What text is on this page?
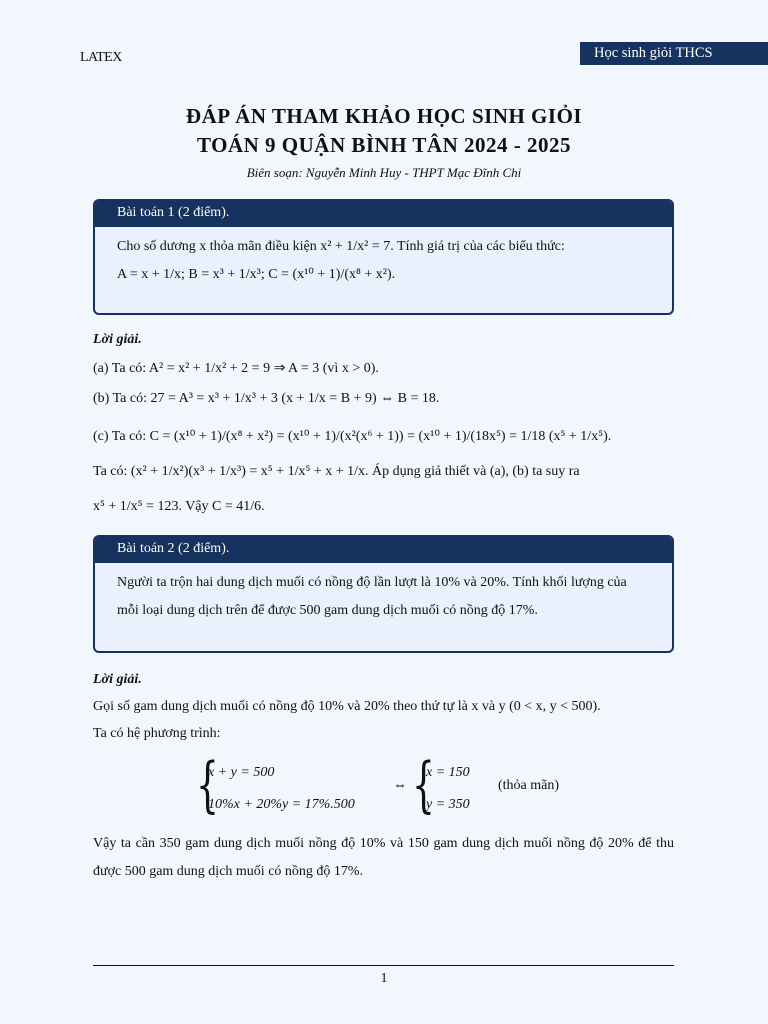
LATEX	Học sinh giỏi THCS
ĐÁP ÁN THAM KHẢO HỌC SINH GIỎI
TOÁN 9 QUẬN BÌNH TÂN 2024 - 2025
Biên soạn: Nguyễn Minh Huy - THPT Mạc Đĩnh Chi
Bài toán 1 (2 điểm).
Cho số dương x thỏa mãn điều kiện x² + 1/x² = 7. Tính giá trị của các biểu thức:
A = x + 1/x; B = x³ + 1/x³; C = (x¹⁰ + 1)/(x⁸ + x²).
Lời giải.
(a) Ta có: A² = x² + 1/x² + 2 = 9 ⇒ A = 3 (vì x > 0).
(b) Ta có: 27 = A³ = x³ + 1/x³ + 3 (x + 1/x = B + 9) ⇔ B = 18.
(c) Ta có: C = (x¹⁰ + 1)/(x⁸ + x²) = (x¹⁰ + 1)/(x²(x⁶ + 1)) = (x¹⁰ + 1)/(18x⁵) = 1/18 (x⁵ + 1/x⁵).
Ta có: (x² + 1/x²)(x³ + 1/x³) = x⁵ + 1/x⁵ + x + 1/x. Áp dụng giả thiết và (a), (b) ta suy ra
x⁵ + 1/x⁵ = 123. Vậy C = 41/6.
Bài toán 2 (2 điểm).
Người ta trộn hai dung dịch muối có nồng độ lần lượt là 10% và 20%. Tính khối lượng của mỗi loại dung dịch trên để được 500 gam dung dịch muối có nồng độ 17%.
Lời giải.
Gọi số gam dung dịch muối có nồng độ 10% và 20% theo thứ tự là x và y (0 < x, y < 500).
Ta có hệ phương trình:
{
x + y = 500
10%x + 20%y = 17%.500
⇔ {
x = 150
y = 350
(thỏa mãn)
Vậy ta cần 350 gam dung dịch muối nồng độ 10% và 150 gam dung dịch muối nồng độ 20% để thu được 500 gam dung dịch muối có nồng độ 17%.
1
